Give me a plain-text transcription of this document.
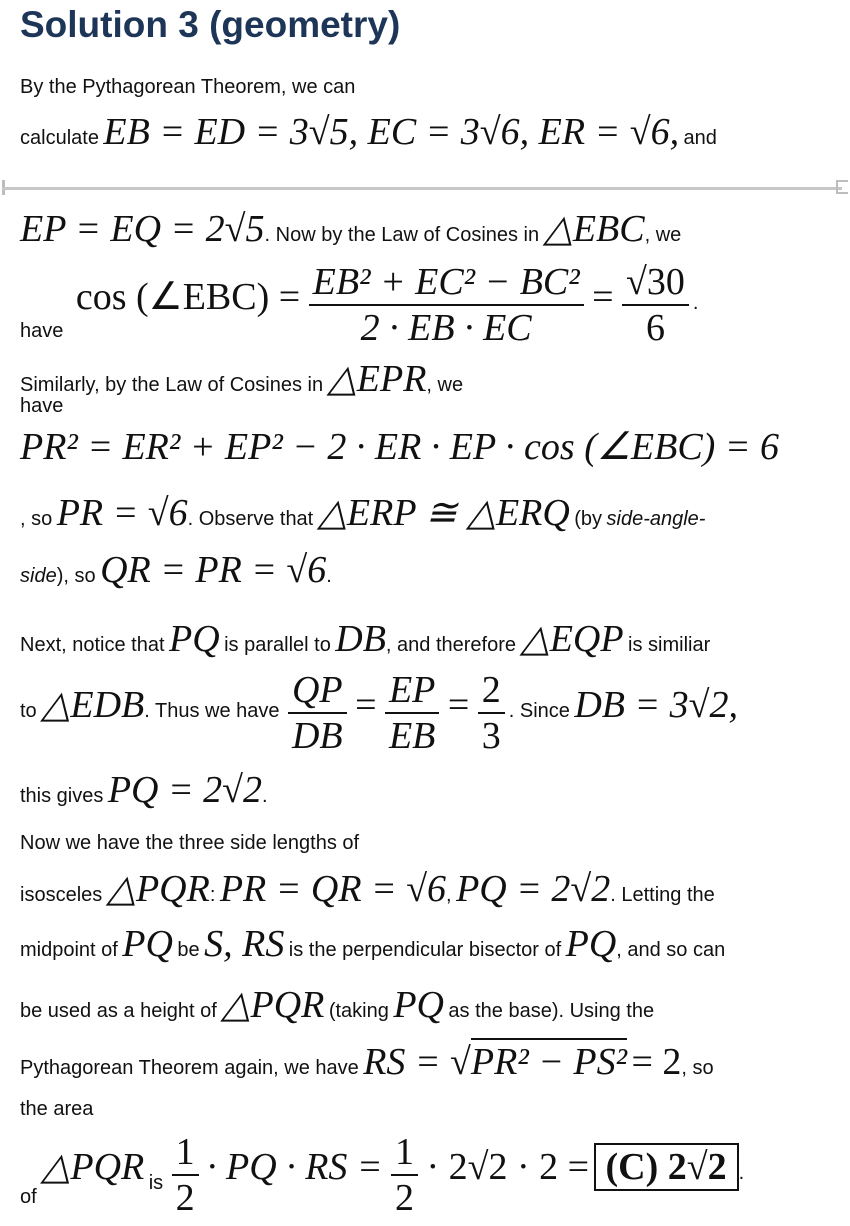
Solution 3 (geometry)
By the Pythagorean Theorem, we can
calculate EB = ED = 3√5, EC = 3√6, ER = √6, and
EP = EQ = 2√5. Now by the Law of Cosines in △EBC, we
have cos (∠EBC) = $\frac{\text{EB² + EC² − BC²}}{2 \cdot EB \cdot EC} = \frac{√30}{6}$ .
Similarly, by the Law of Cosines in △EPR, we
have
PR² = ER² + EP² − 2 · ER · EP · cos (∠EBC) = 6
, so PR = √6. Observe that △ERP ≅ △ERQ (by side-angle-
side), so QR = PR = √6.
Next, notice that PQ is parallel to DB, and therefore △EQP is similiar
to △EDB. Thus we have $\frac{QP}{DB} = \frac{EP}{EB} = \frac{2}{3}$ . Since DB = 3√2,
this gives PQ = 2√2.
Now we have the three side lengths of
isosceles △PQR: PR = QR = √6, PQ = 2√2. Letting the
midpoint of PQ be S, RS is the perpendicular bisector of PQ, and so can
be used as a height of △PQR (taking PQ as the base). Using the
Pythagorean Theorem again, we have RS = √PR² − PS² = 2, so
the area
of △PQR is $\frac{1}{2}$ · PQ · RS = $\frac{1}{2} \cdot 2√2 \cdot 2 = (C)$ 2√2 .
